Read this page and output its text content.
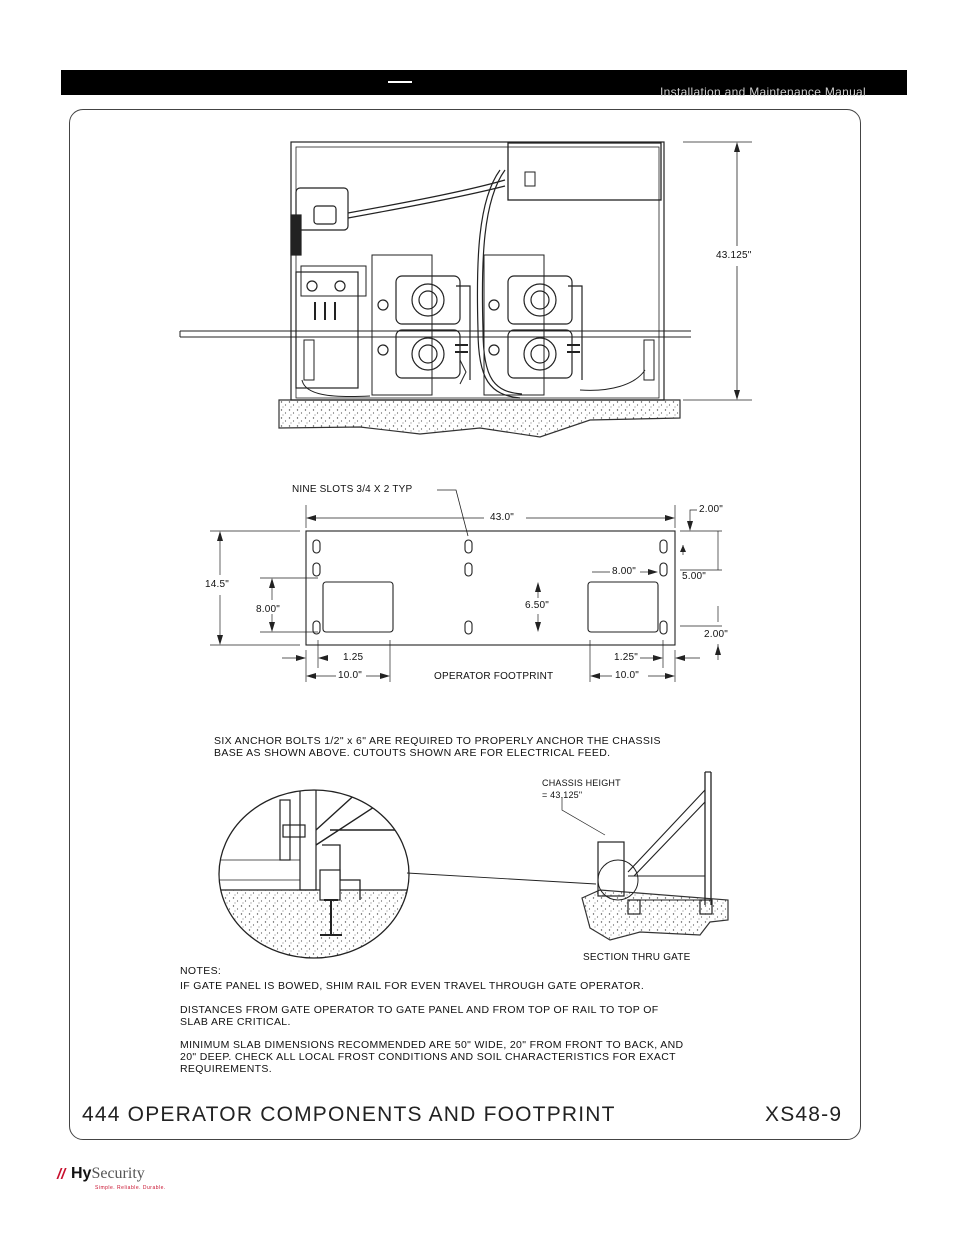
Installation and Maintenance Manual
43.125"
NINE SLOTS 3/4 X 2 TYP
43.0"
2.00"
8.00"	5.00"
14.5"
8.00"	6.50"
2.00"
1.25	1.25"
10.0"	10.0"
OPERATOR FOOTPRINT
SIX ANCHOR BOLTS 1/2" x 6" ARE REQUIRED TO PROPERLY ANCHOR THE CHASSIS
BASE AS SHOWN ABOVE. CUTOUTS SHOWN ARE FOR ELECTRICAL FEED.
CHASSIS HEIGHT
= 43.125"
SECTION THRU GATE
NOTES:
IF GATE PANEL IS BOWED, SHIM RAIL FOR EVEN TRAVEL THROUGH GATE OPERATOR.
DISTANCES FROM GATE OPERATOR TO GATE PANEL AND FROM TOP OF RAIL TO TOP OF
SLAB ARE CRITICAL.
MINIMUM SLAB DIMENSIONS RECOMMENDED ARE 50" WIDE, 20" FROM FRONT TO BACK, AND
20" DEEP. CHECK ALL LOCAL FROST CONDITIONS AND SOIL CHARACTERISTICS FOR EXACT
REQUIREMENTS.
444 OPERATOR COMPONENTS AND FOOTPRINT	XS48-9
// HySecurity
Simple. Reliable. Durable.
